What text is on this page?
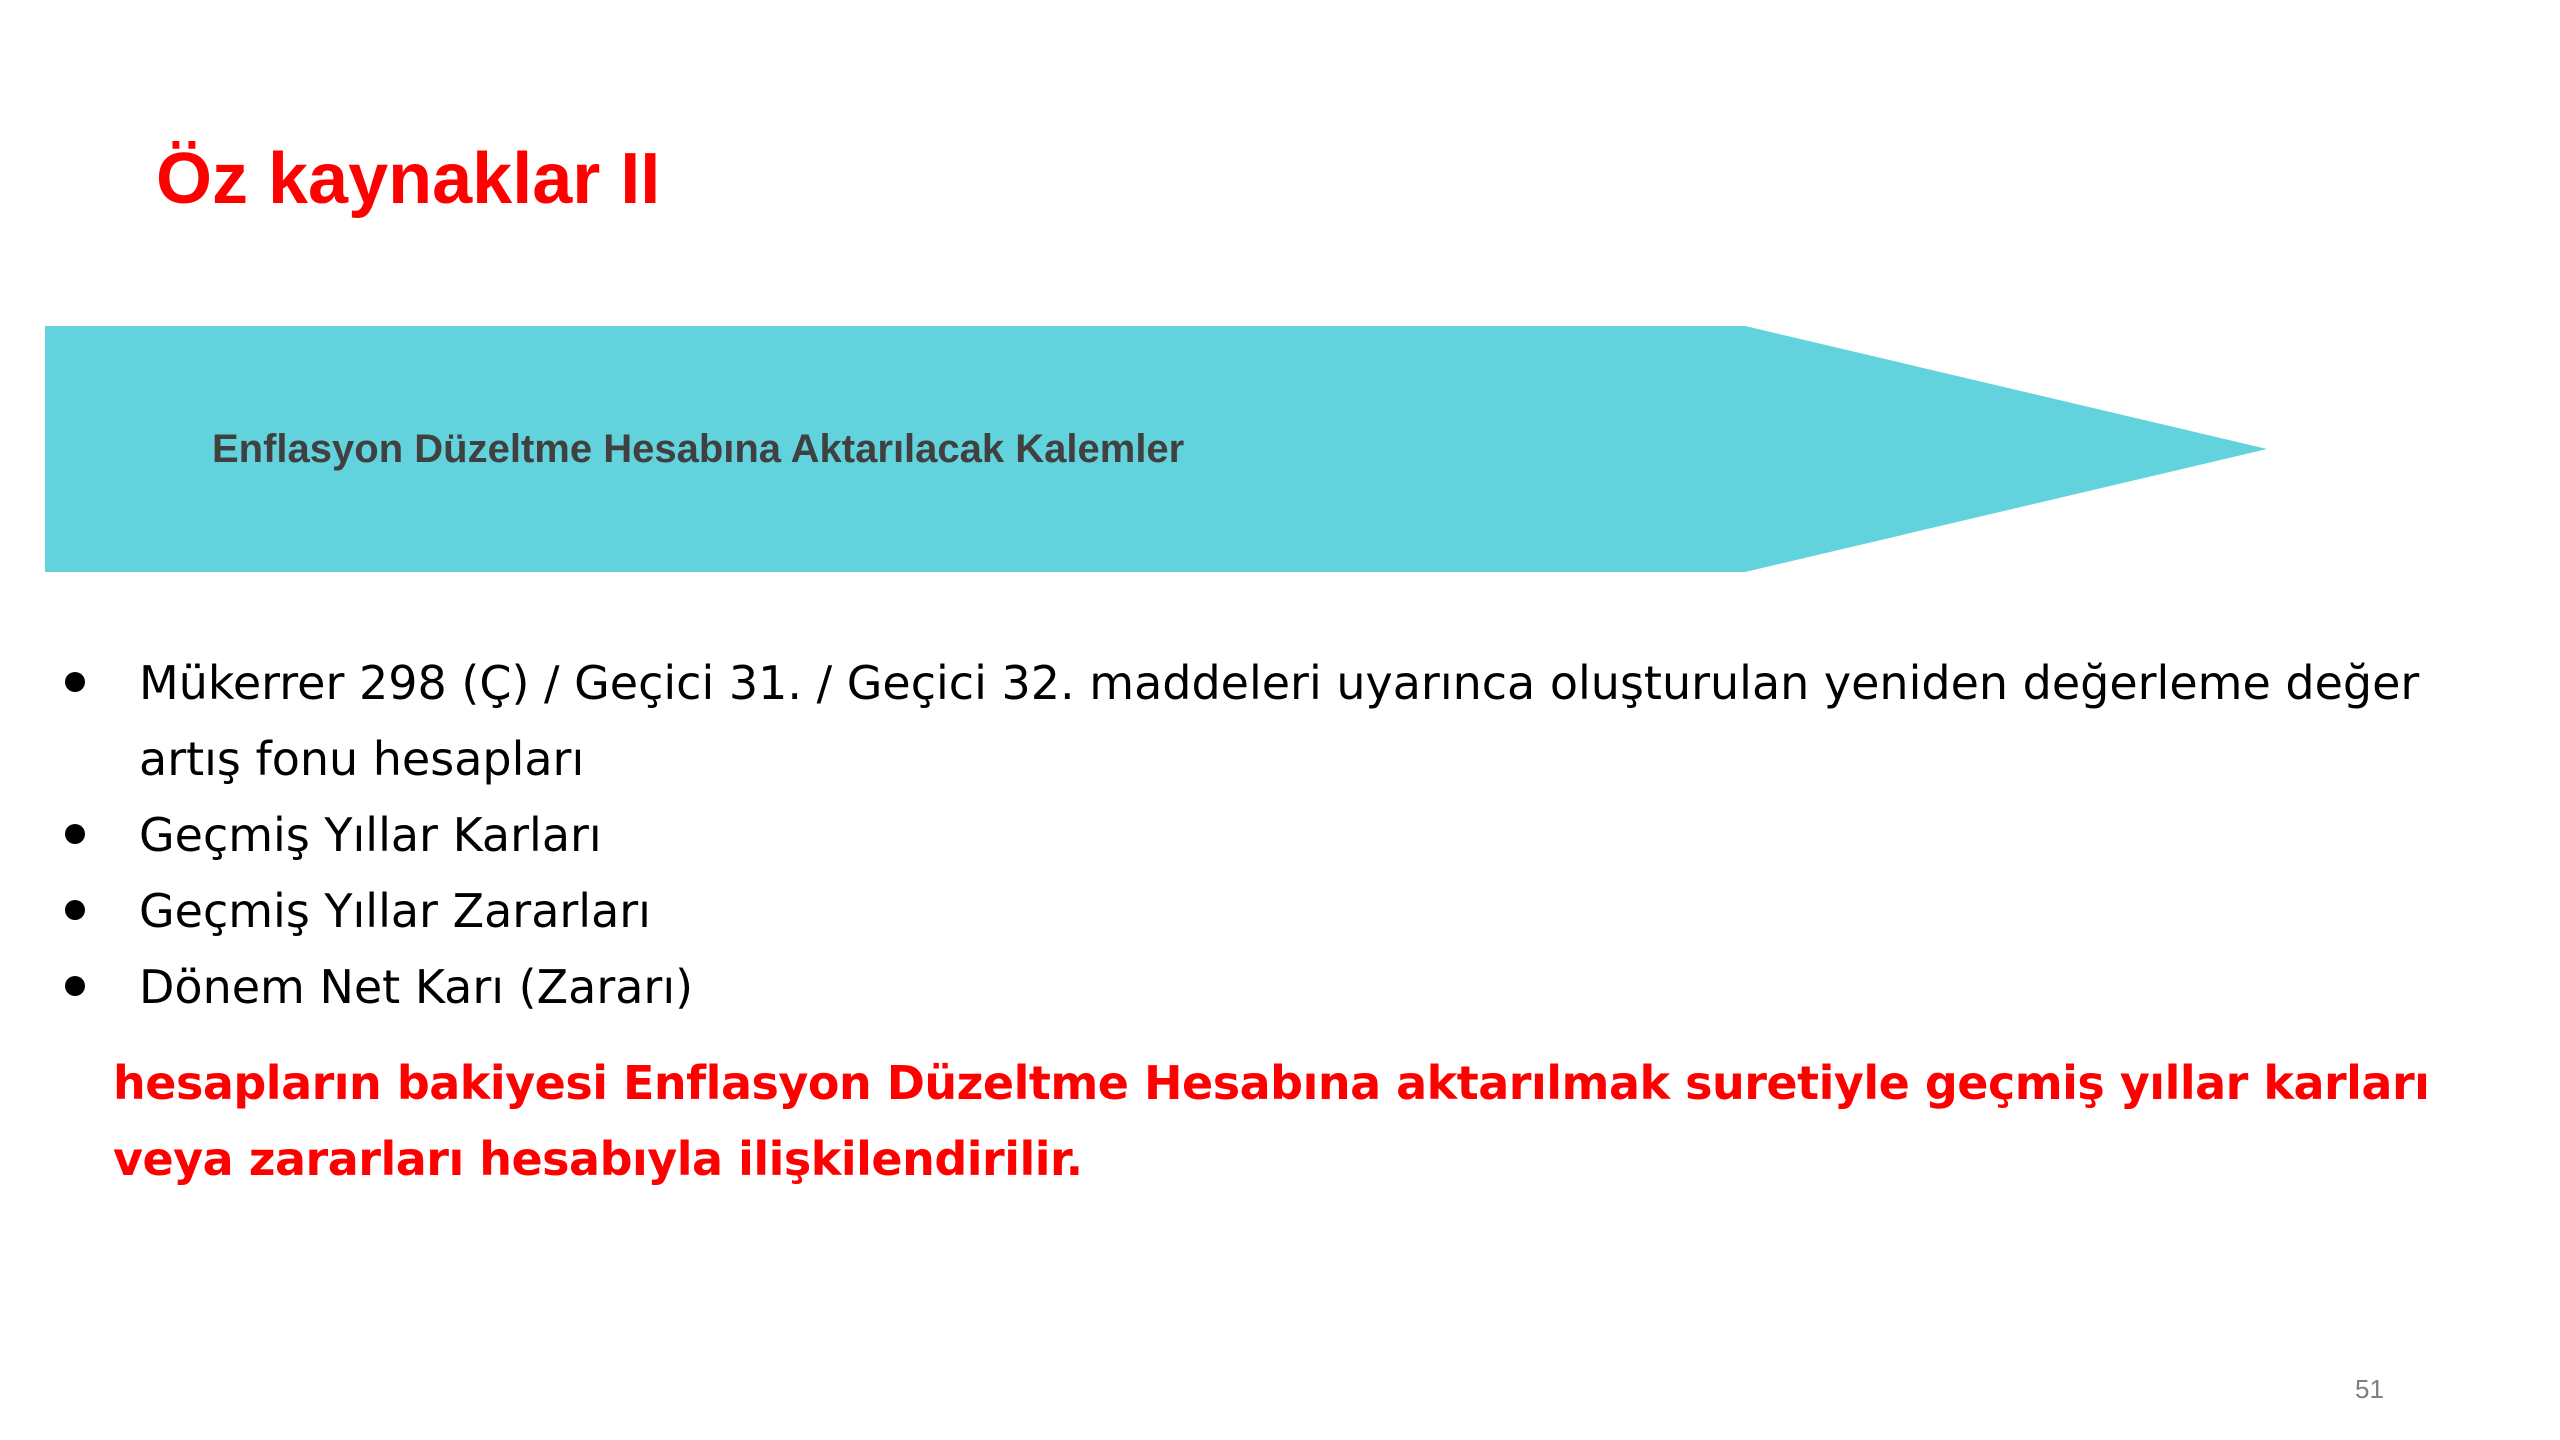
Öz kaynaklar II
Enflasyon Düzeltme Hesabına Aktarılacak Kalemler
Mükerrer 298 (Ç) / Geçici 31. / Geçici 32. maddeleri uyarınca oluşturulan yeniden değerleme değer artış fonu hesapları
Geçmiş Yıllar Karları
Geçmiş Yıllar Zararları
Dönem Net Karı (Zararı)
hesapların bakiyesi Enflasyon Düzeltme Hesabına aktarılmak suretiyle geçmiş yıllar karları veya zararları hesabıyla ilişkilendirilir.
51
